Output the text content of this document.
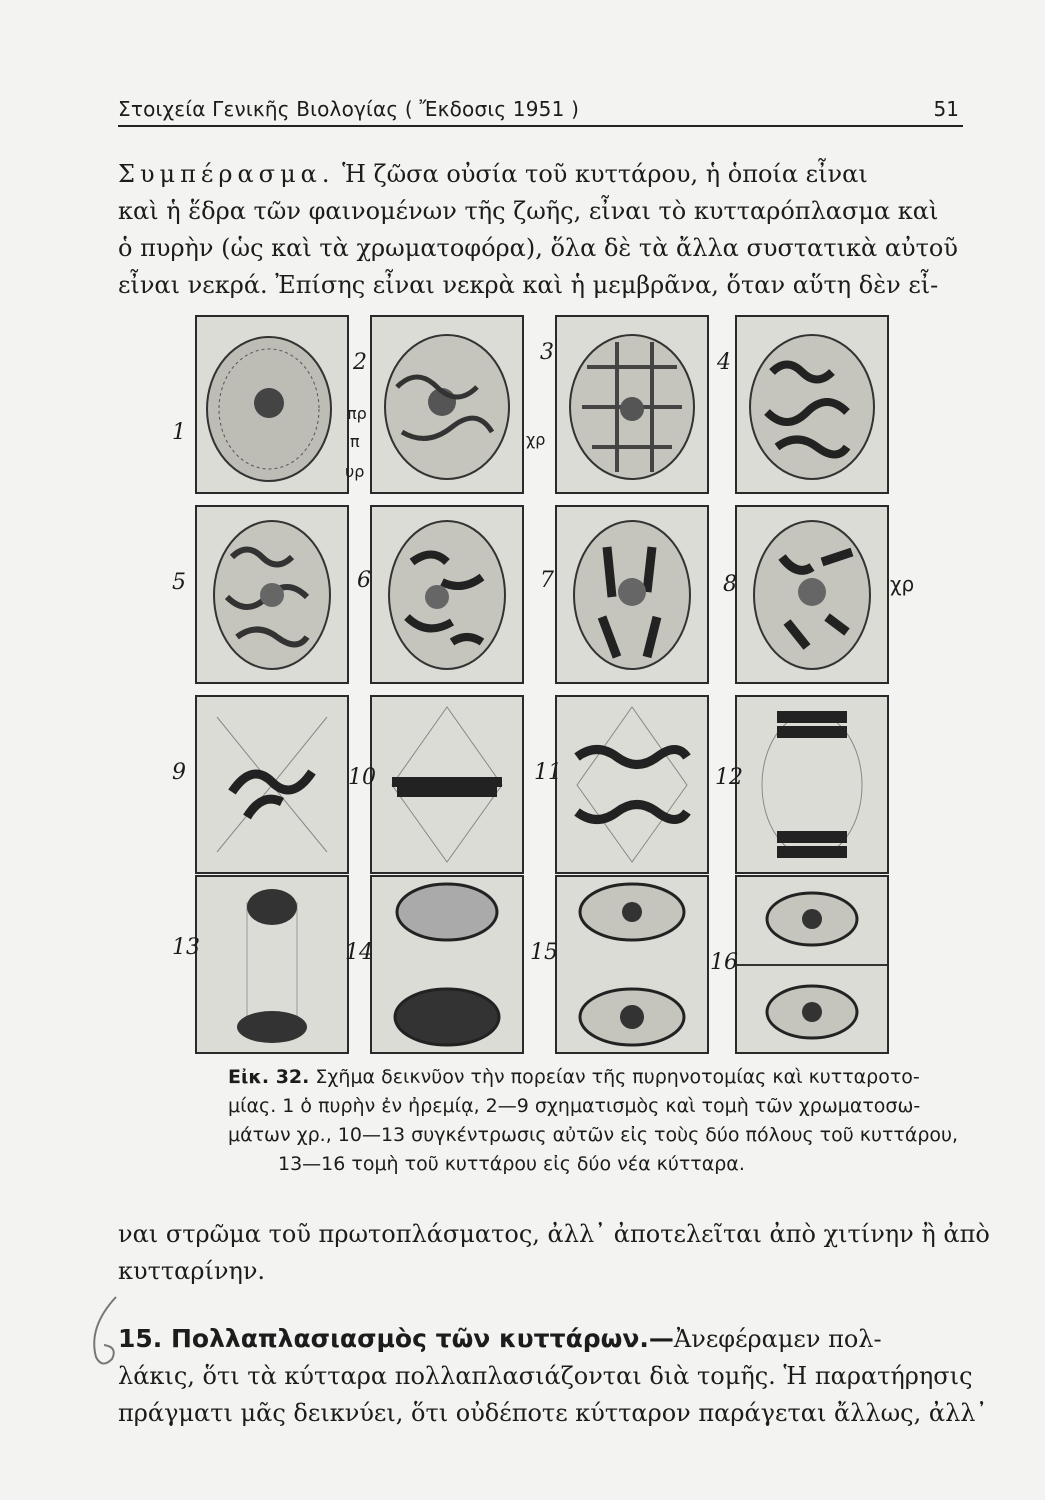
Στοιχεία Γενικῆς Βιολογίας ( Ἔκδοσις 1951 )	51
Συμπέρασμα. Ἡ ζῶσα οὐσία τοῦ κυττάρου, ἡ ὁποία εἶναι
καὶ ἡ ἕδρα τῶν φαινομένων τῆς ζωῆς, εἶναι τὸ κυτταρόπλασμα καὶ
ὁ πυρὴν (ὡς καὶ τὰ χρωματοφόρα), ὅλα δὲ τὰ ἄλλα συστατικὰ αὐτοῦ
εἶναι νεκρά. Ἐπίσης εἶναι νεκρὰ καὶ ἡ μεμβρᾶνα, ὅταν αὕτη δὲν εἶ-
1
2	3	4
5	6	7	8
9	10	11	12
13	14	15	16
πρ
π
υρ
χρ
χρ
Εἰκ. 32. Σχῆμα δεικνῦον τὴν πορείαν τῆς πυρηνοτομίας καὶ κυτταροτο-
μίας. 1 ὁ πυρὴν ἐν ἠρεμίᾳ, 2—9 σχηματισμὸς καὶ τομὴ τῶν χρωματοσω-
μάτων χρ., 10—13 συγκέντρωσις αὐτῶν εἰς τοὺς δύο πόλους τοῦ κυττάρου,
13—16 τομὴ τοῦ κυττάρου εἰς δύο νέα κύτταρα.
ναι στρῶμα τοῦ πρωτοπλάσματος, ἀλλ᾽ ἀποτελεῖται ἀπὸ χιτίνην ἢ ἀπὸ
κυτταρίνην.
15. Πολλαπλασιασμὸς τῶν κυττάρων.—Ἀνεφέραμεν πολ-
λάκις, ὅτι τὰ κύτταρα πολλαπλασιάζονται διὰ τομῆς. Ἡ παρατήρησις
πράγματι μᾶς δεικνύει, ὅτι οὐδέποτε κύτταρον παράγεται ἄλλως, ἀλλ᾽
